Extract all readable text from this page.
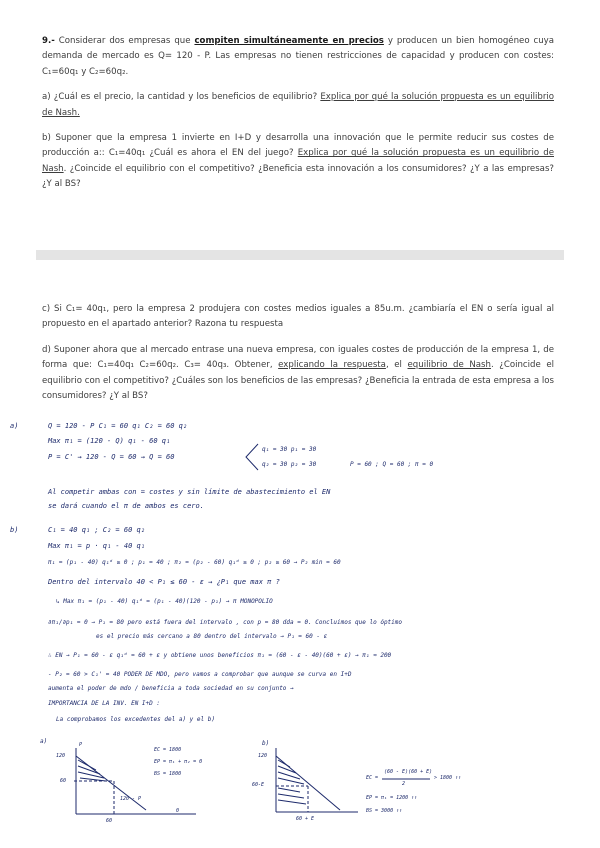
9.- Considerar dos empresas que compiten simultáneamente en precios y producen un bien homogéneo cuya demanda de mercado es Q= 120 - P. Las empresas no tienen restricciones de capacidad y producen con costes: C₁=60q₁ y C₂=60q₂.

a) ¿Cuál es el precio, la cantidad y los beneficios de equilibrio? Explica por qué la solución propuesta es un equilibrio de Nash.

b) Suponer que la empresa 1 invierte en I+D y desarrolla una innovación que le permite reducir sus costes de producción a:: C₁=40q₁ ¿Cuál es ahora el EN del juego? Explica por qué la solución propuesta es un equilibrio de Nash. ¿Coincide el equilibrio con el competitivo? ¿Beneficia esta innovación a los consumidores? ¿Y a las empresas? ¿Y al BS?

c) Si C₁= 40q₁, pero la empresa 2 produjera con costes medios iguales a 85u.m. ¿cambiaría el EN o sería igual al propuesto en el apartado anterior? Razona tu respuesta

d) Suponer ahora que al mercado entrase una nueva empresa, con iguales costes de producción de la empresa 1, de forma que: C₁=40q₁ C₂=60q₂. C₃= 40q₃. Obtener, explicando la respuesta, el equilibrio de Nash. ¿Coincide el equilibrio con el competitivo? ¿Cuáles son los beneficios de las empresas? ¿Beneficia la entrada de esta empresa a los consumidores? ¿Y al BS?

a)	Q = 120 - P C₁ = 60 q₁ C₂ = 60 q₂
Max π₁ = (120 - Q) q₁ - 60 q₁
P = C' → 120 - Q = 60 → Q = 60
q₁ = 30 p₁ = 30
q₂ = 30 p₂ = 30	P = 60 ; Q = 60 ; π = 0
Al competir ambas con = costes y sin límite de abastecimiento el EN
se dará cuando el π de ambos es cero.
b)	C₁ = 40 q₁ ; C₂ = 60 q₂
Max π₁ = p · q₁ - 40 q₁
π₁ = (p₁ - 40) q₁ᵈ ≥ 0 ; p₁ = 40 ; π₂ = (p₂ - 60) q₁ᵈ ≥ 0 ; p₂ ≥ 60 → P₂ min = 60
Dentro del intervalo 40 < P₁ ≤ 60 - ε → ¿P₁ que max π ?
↳ Max π₁ = (p₁ - 40) q₁ᵈ = (p₁ - 40)(120 - p₁) → π MONOPOLIO
∂π₁/∂p₁ = 0 → P₁ = 80 pero está fuera del intervalo , con p = 80 dda = 0. Concluimos que lo óptimo
es el precio más cercano a 80 dentro del intervalo → P₁ = 60 - ε
∴ EN → P₁ = 60 - ε q₁ᵈ = 60 + ε y obtiene unos beneficios π₁ = (60 - ε - 40)(60 + ε) → π₁ ≈ 200
- P₂ = 60 > C₁' = 40 PODER DE MDO, pero vamos a comprobar que aunque se curva en I+D
aumenta el poder de mdo / beneficia a toda sociedad en su conjunto →
IMPORTANCIA DE LA INV. EN I+D :
La comprobamos los excedentes del a) y el b)
a)	P
120
60
120 - P
60
0
EC = 1800
EP = π₁ + π₂ = 0
BS = 1800
b)
120
60-E
60 + E
EC =
(60 - E)(60 + E)
2
> 1800 ↑↑
EP = π₁ = 1200 ↑↑
BS = 3000 ↑↑
